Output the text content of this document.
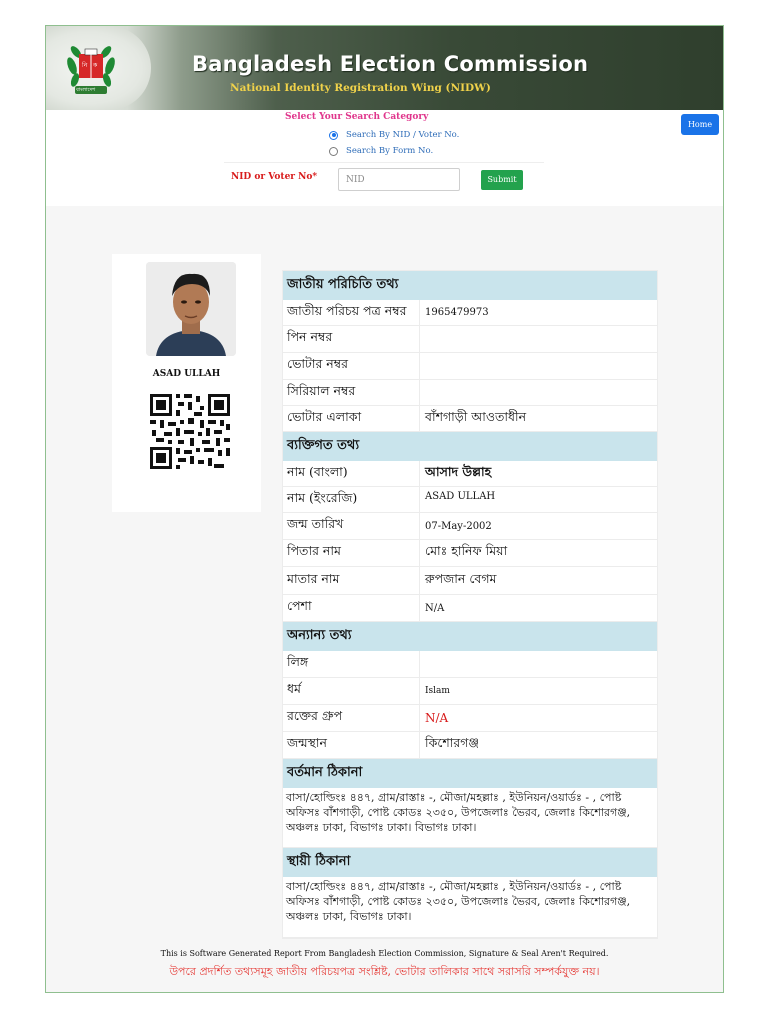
নি ক
বাংলাদেশ
Bangladesh Election Commission
National Identity Registration Wing (NIDW)
Select Your Search Category
Search By NID / Voter No.
Search By Form No.
NID or Voter No*
NID	Submit
Home
ASAD ULLAH
জাতীয় পরিচিতি তথ্য
জাতীয় পরিচয় পত্র নম্বর	1965479973
পিন নম্বর
ভোটার নম্বর
সিরিয়াল নম্বর
ভোটার এলাকা	বাঁশগাড়ী আওতাধীন
ব্যক্তিগত তথ্য
নাম (বাংলা)	আসাদ উল্লাহ
নাম (ইংরেজি)	ASAD ULLAH
জন্ম তারিখ	07-May-2002
পিতার নাম	মোঃ হানিফ মিয়া
মাতার নাম	রুপজান বেগম
পেশা	N/A
অন্যান্য তথ্য
লিঙ্গ
ধর্ম	Islam
রক্তের গ্রুপ	N/A
জন্মস্থান	কিশোরগঞ্জ
বর্তমান ঠিকানা
বাসা/হোল্ডিংঃ ৪৪৭, গ্রাম/রাস্তাঃ -, মৌজা/মহল্লাঃ , ইউনিয়ন/ওয়ার্ডঃ - , পোষ্ট অফিসঃ বাঁশগাড়ী, পোষ্ট কোডঃ ২৩৫০, উপজেলাঃ ভৈরব, জেলাঃ কিশোরগঞ্জ, অঞ্চলঃ ঢাকা, বিভাগঃ ঢাকা। বিভাগঃ ঢাকা।
স্থায়ী ঠিকানা
বাসা/হোল্ডিংঃ ৪৪৭, গ্রাম/রাস্তাঃ -, মৌজা/মহল্লাঃ , ইউনিয়ন/ওয়ার্ডঃ - , পোষ্ট অফিসঃ বাঁশগাড়ী, পোষ্ট কোডঃ ২৩৫০, উপজেলাঃ ভৈরব, জেলাঃ কিশোরগঞ্জ, অঞ্চলঃ ঢাকা, বিভাগঃ ঢাকা।
This is Software Generated Report From Bangladesh Election Commission, Signature & Seal Aren't Required.
উপরে প্রদর্শিত তথ্যসমূহ জাতীয় পরিচয়পত্র সংশ্লিষ্ট, ভোটার তালিকার সাথে সরাসরি সম্পর্কযুক্ত নয়।
